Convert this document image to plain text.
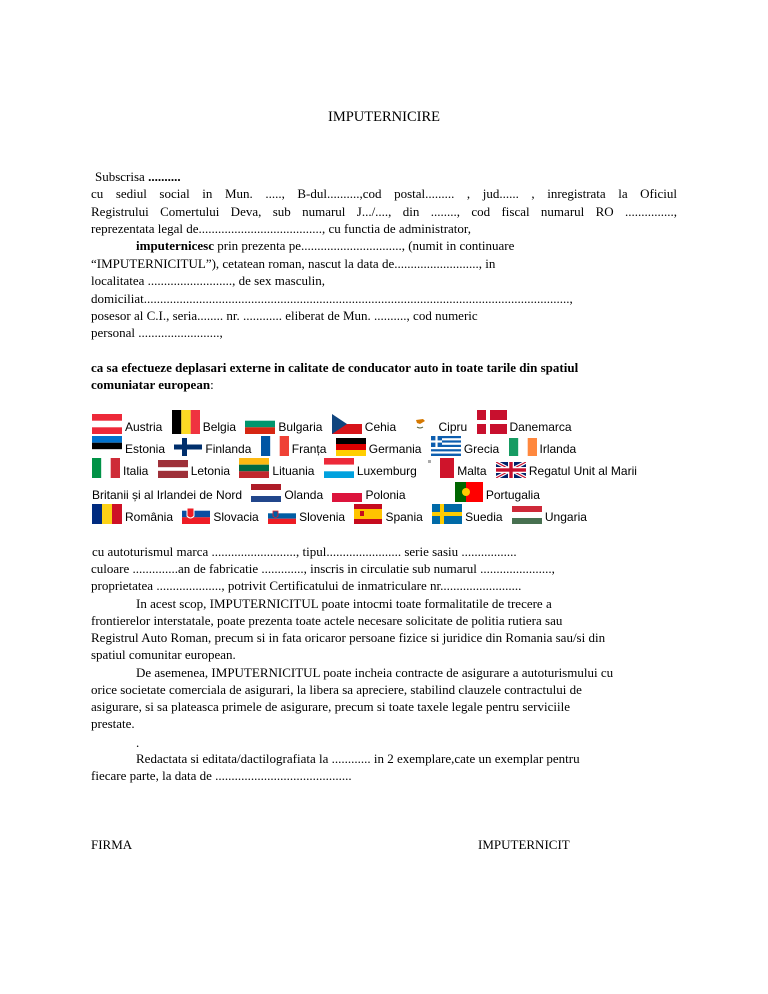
IMPUTERNICIRE
Subscrisa ..........
cu sediul social in Mun. ....., B-dul..........,cod postal......... , jud...... , inregistrata la Oficiul
Registrului Comertului Deva, sub numarul J.../...., din ........, cod fiscal numarul RO ...............,
reprezentata legal de......................................, cu functia de administrator,
imputernicesc prin prezenta pe..............................., (numit in continuare
“IMPUTERNICITUL”), cetatean roman, nascut la data de.........................., in
localitatea .........................., de sex masculin,
domiciliat...................................................................................................................................,
posesor al C.I., seria........ nr. ............ eliberat de Mun. .........., cod numeric
personal .........................,
ca sa efectueze deplasari externe in calitate de conducator auto in toate tarile din spatiul
comuniatar european:
Austria	Belgia	Bulgaria	Cehia	Cipru	Danemarca
Estonia	Finlanda	Franța	Germania	Grecia	Irlanda
Italia	Letonia	Lituania	Luxemburg	Malta	Regatul Unit al Marii
Britanii și al Irlandei de Nord	Olanda	Polonia	Portugalia
România	Slovacia	Slovenia	Spania	Suedia	Ungaria
cu autoturismul marca .........................., tipul....................... serie sasiu .................
culoare ..............an de fabricatie ............., inscris in circulatie sub numarul ......................,
proprietatea ...................., potrivit Certificatului de inmatriculare nr.........................
In acest scop, IMPUTERNICITUL poate intocmi toate formalitatile de trecere a
frontierelor interstatale, poate prezenta toate actele necesare solicitate de politia rutiera sau
Registrul Auto Roman, precum si in fata oricaror persoane fizice si juridice din Romania sau/si din
spatiul comunitar european.
De asemenea, IMPUTERNICITUL poate incheia contracte de asigurare a autoturismului cu
orice societate comerciala de asigurari, la libera sa apreciere, stabilind clauzele contractului de
asigurare, si sa plateasca primele de asigurare, precum si toate taxele legale pentru serviciile
prestate.
.
Redactata si editata/dactilografiata la ............ in 2 exemplare,cate un exemplar pentru
fiecare parte, la data de ..........................................
FIRMA	IMPUTERNICIT
